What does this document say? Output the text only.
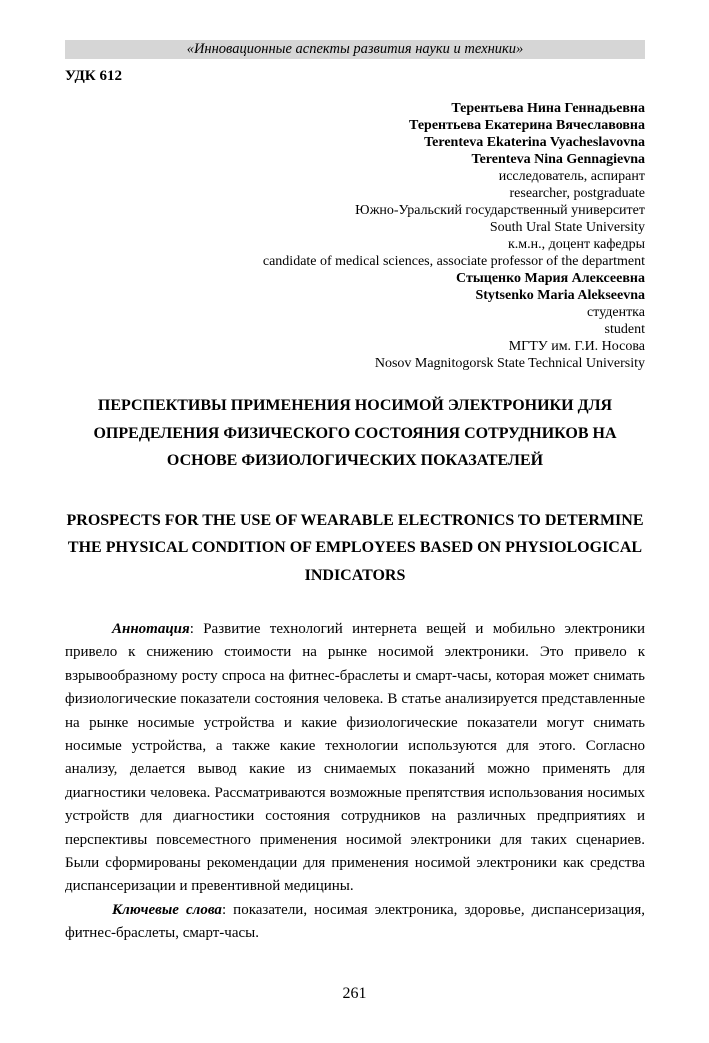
«Инновационные аспекты развития науки и техники»
УДК 612
Терентьева Нина Геннадьевна
Терентьева Екатерина Вячеславовна
Terenteva Ekaterina Vyacheslavovna
Terenteva Nina Gennagievna
исследователь, аспирант
researcher, postgraduate
Южно-Уральский государственный университет
South Ural State University
к.м.н., доцент кафедры
candidate of medical sciences, associate professor of the department
Стыценко Мария Алексеевна
Stytsenko Maria Alekseevna
студентка
student
МГТУ им. Г.И. Носова
Nosov Magnitogorsk State Technical University
ПЕРСПЕКТИВЫ ПРИМЕНЕНИЯ НОСИМОЙ ЭЛЕКТРОНИКИ ДЛЯ ОПРЕДЕЛЕНИЯ ФИЗИЧЕСКОГО СОСТОЯНИЯ СОТРУДНИКОВ НА ОСНОВЕ ФИЗИОЛОГИЧЕСКИХ ПОКАЗАТЕЛЕЙ
PROSPECTS FOR THE USE OF WEARABLE ELECTRONICS TO DETERMINE THE PHYSICAL CONDITION OF EMPLOYEES BASED ON PHYSIOLOGICAL INDICATORS

Аннотация: Развитие технологий интернета вещей и мобильно электроники привело к снижению стоимости на рынке носимой электроники. Это привело к взрывообразному росту спроса на фитнес-браслеты и смарт-часы, которая может снимать физиологические показатели состояния человека. В статье анализируется представленные на рынке носимые устройства и какие физиологические показатели могут снимать носимые устройства, а также какие технологии используются для этого. Согласно анализу, делается вывод какие из снимаемых показаний можно применять для диагностики человека. Рассматриваются возможные препятствия использования носимых устройств для диагностики состояния сотрудников на различных предприятиях и перспективы повсеместного применения носимой электроники для таких сценариев. Были сформированы рекомендации для применения носимой электроники как средства диспансеризации и превентивной медицины.

Ключевые слова: показатели, носимая электроника, здоровье, диспансеризация, фитнес-браслеты, смарт-часы.

261
